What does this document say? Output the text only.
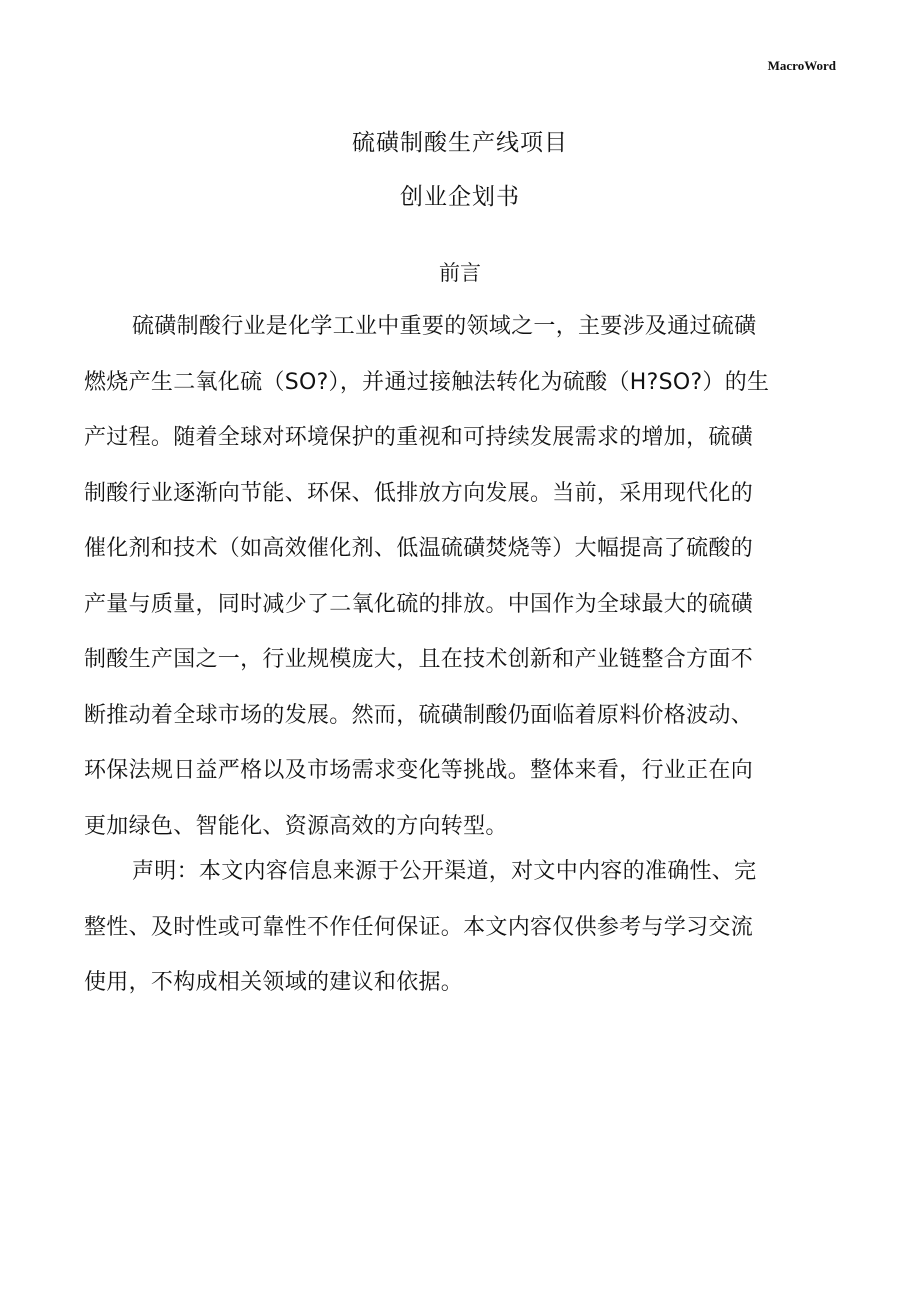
MacroWord
硫磺制酸生产线项目
创业企划书
前言
硫磺制酸行业是化学工业中重要的领域之一，主要涉及通过硫磺
燃烧产生二氧化硫（SO?），并通过接触法转化为硫酸（H?SO?）的生
产过程。随着全球对环境保护的重视和可持续发展需求的增加，硫磺
制酸行业逐渐向节能、环保、低排放方向发展。当前，采用现代化的
催化剂和技术（如高效催化剂、低温硫磺焚烧等）大幅提高了硫酸的
产量与质量，同时减少了二氧化硫的排放。中国作为全球最大的硫磺
制酸生产国之一，行业规模庞大，且在技术创新和产业链整合方面不
断推动着全球市场的发展。然而，硫磺制酸仍面临着原料价格波动、
环保法规日益严格以及市场需求变化等挑战。整体来看，行业正在向
更加绿色、智能化、资源高效的方向转型。
声明：本文内容信息来源于公开渠道，对文中内容的准确性、完
整性、及时性或可靠性不作任何保证。本文内容仅供参考与学习交流
使用，不构成相关领域的建议和依据。
